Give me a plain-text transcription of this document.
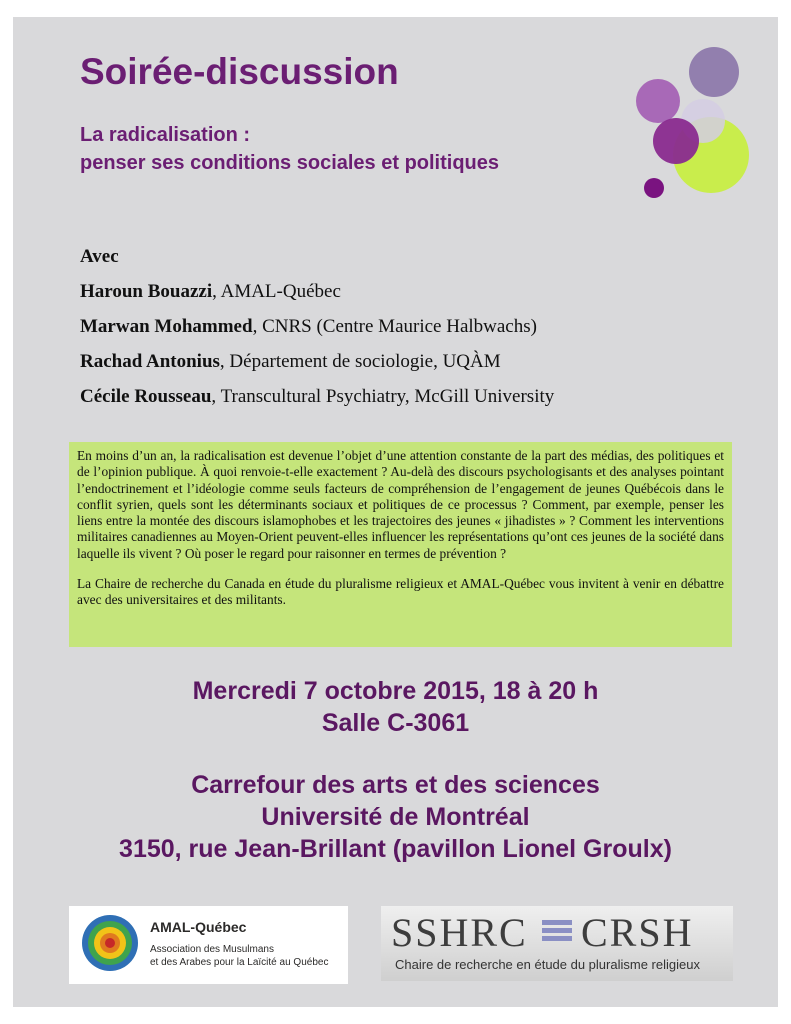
Soirée-discussion
La radicalisation :
penser ses conditions sociales et politiques
Avec
Haroun Bouazzi, AMAL-Québec
Marwan Mohammed, CNRS (Centre Maurice Halbwachs)
Rachad Antonius, Département de sociologie, UQÀM
Cécile Rousseau, Transcultural Psychiatry, McGill University

En moins d’un an, la radicalisation est devenue l’objet d’une attention constante de la part des médias, des politiques et de l’opinion publique. À quoi renvoie-t-elle exactement ? Au-delà des discours psychologisants et des analyses pointant l’endoctrinement et l’idéologie comme seuls facteurs de compréhension de l’engagement de jeunes Québécois dans le conflit syrien, quels sont les déterminants sociaux et politiques de ce processus ? Comment, par exemple, penser les liens entre la montée des discours islamophobes et les trajectoires des jeunes « jihadistes » ? Comment les interventions militaires canadiennes au Moyen-Orient peuvent-elles influencer les représentations qu’ont ces jeunes de la société dans laquelle ils vivent ? Où poser le regard pour raisonner en termes de prévention ?

La Chaire de recherche du Canada en étude du pluralisme religieux et AMAL-Québec vous invitent à venir en débattre avec des universitaires et des militants.

Mercredi 7 octobre 2015, 18 à 20 h
Salle C-3061
Carrefour des arts et des sciences
Université de Montréal
3150, rue Jean-Brillant (pavillon Lionel Groulx)
AMAL-Québec
Association des Musulmans
et des Arabes pour la Laïcité au Québec
SSHRC CRSH
Chaire de recherche en étude du pluralisme religieux
